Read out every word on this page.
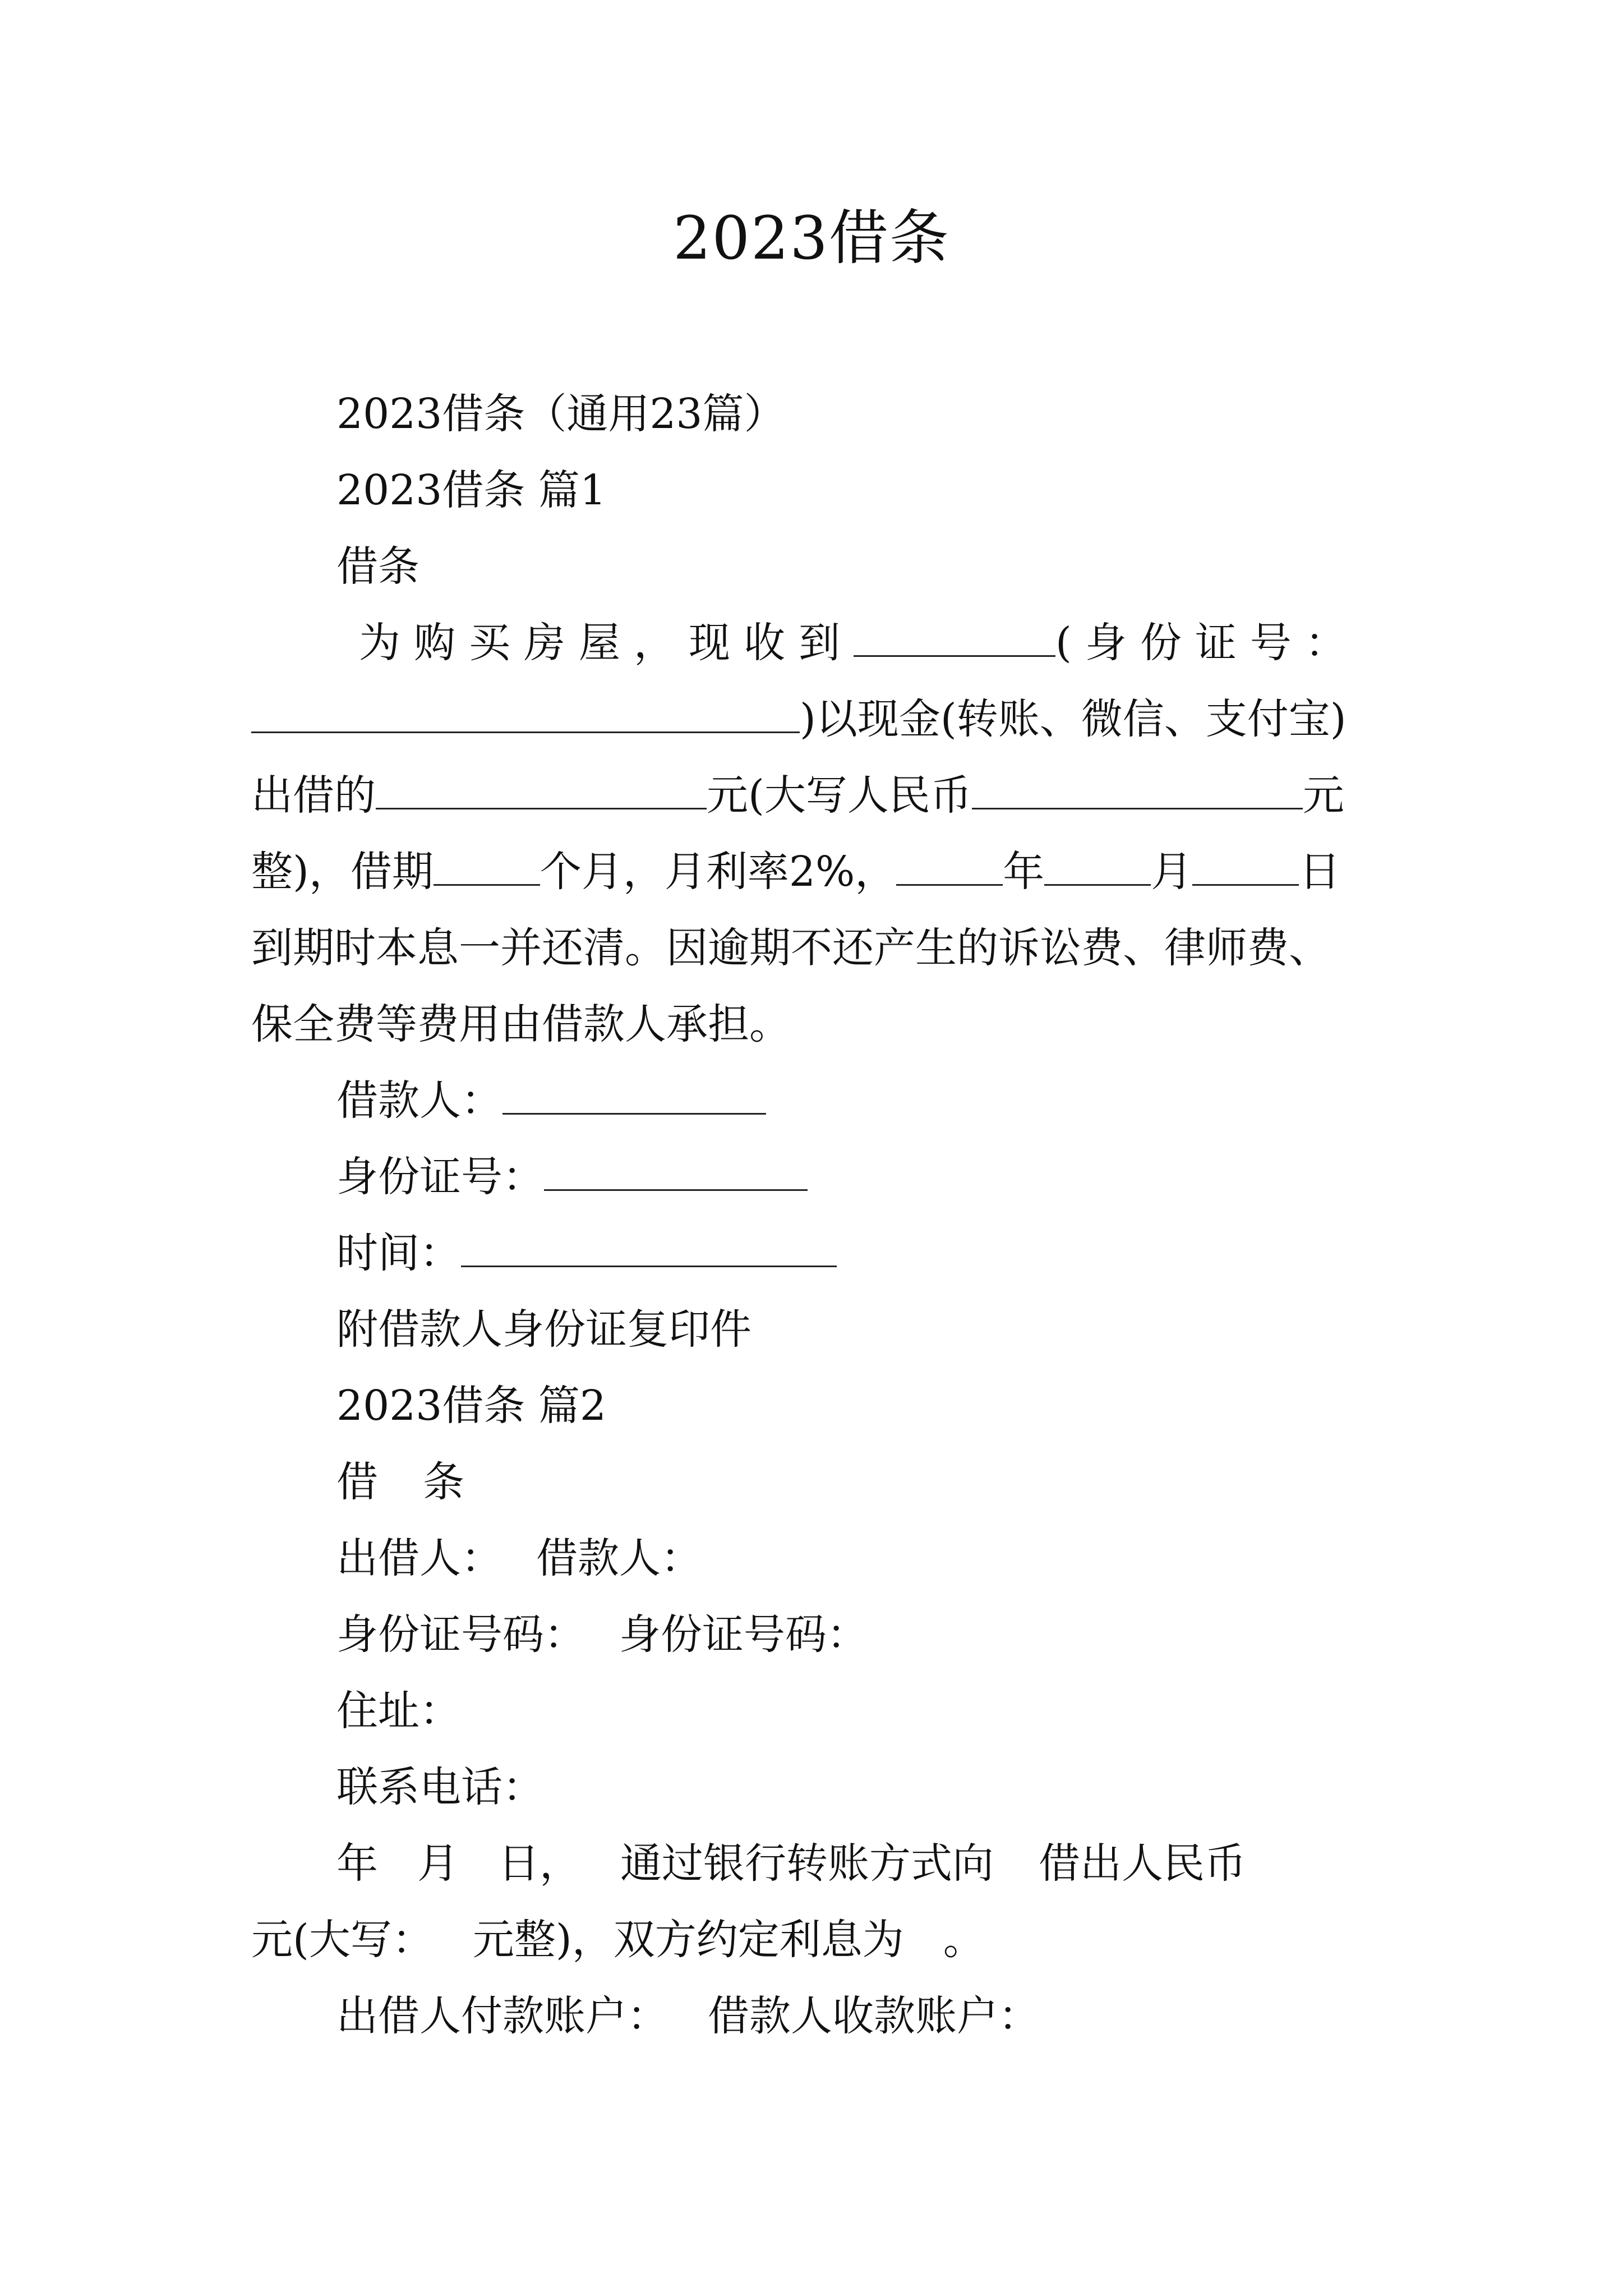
2023借条
2023借条（通用23篇）
2023借条 篇1
借条
为购买房屋，现收到	(身份证号：
)以现金(转账、微信、支付宝)
出借的	元(大写人民币	元
整)，借期	个月，月利率2%，	年	月	日
到期时本息一并还清。因逾期不还产生的诉讼费、律师费、
保全费等费用由借款人承担。
借款人：
身份证号：
时间：
附借款人身份证复印件
2023借条 篇2
借 条
出借人： 借款人：
身份证号码： 身份证号码：
住址：
联系电话：
年 月 日， 通过银行转账方式向 借出人民币
元(大写： 元整)，双方约定利息为 。
出借人付款账户： 借款人收款账户：
